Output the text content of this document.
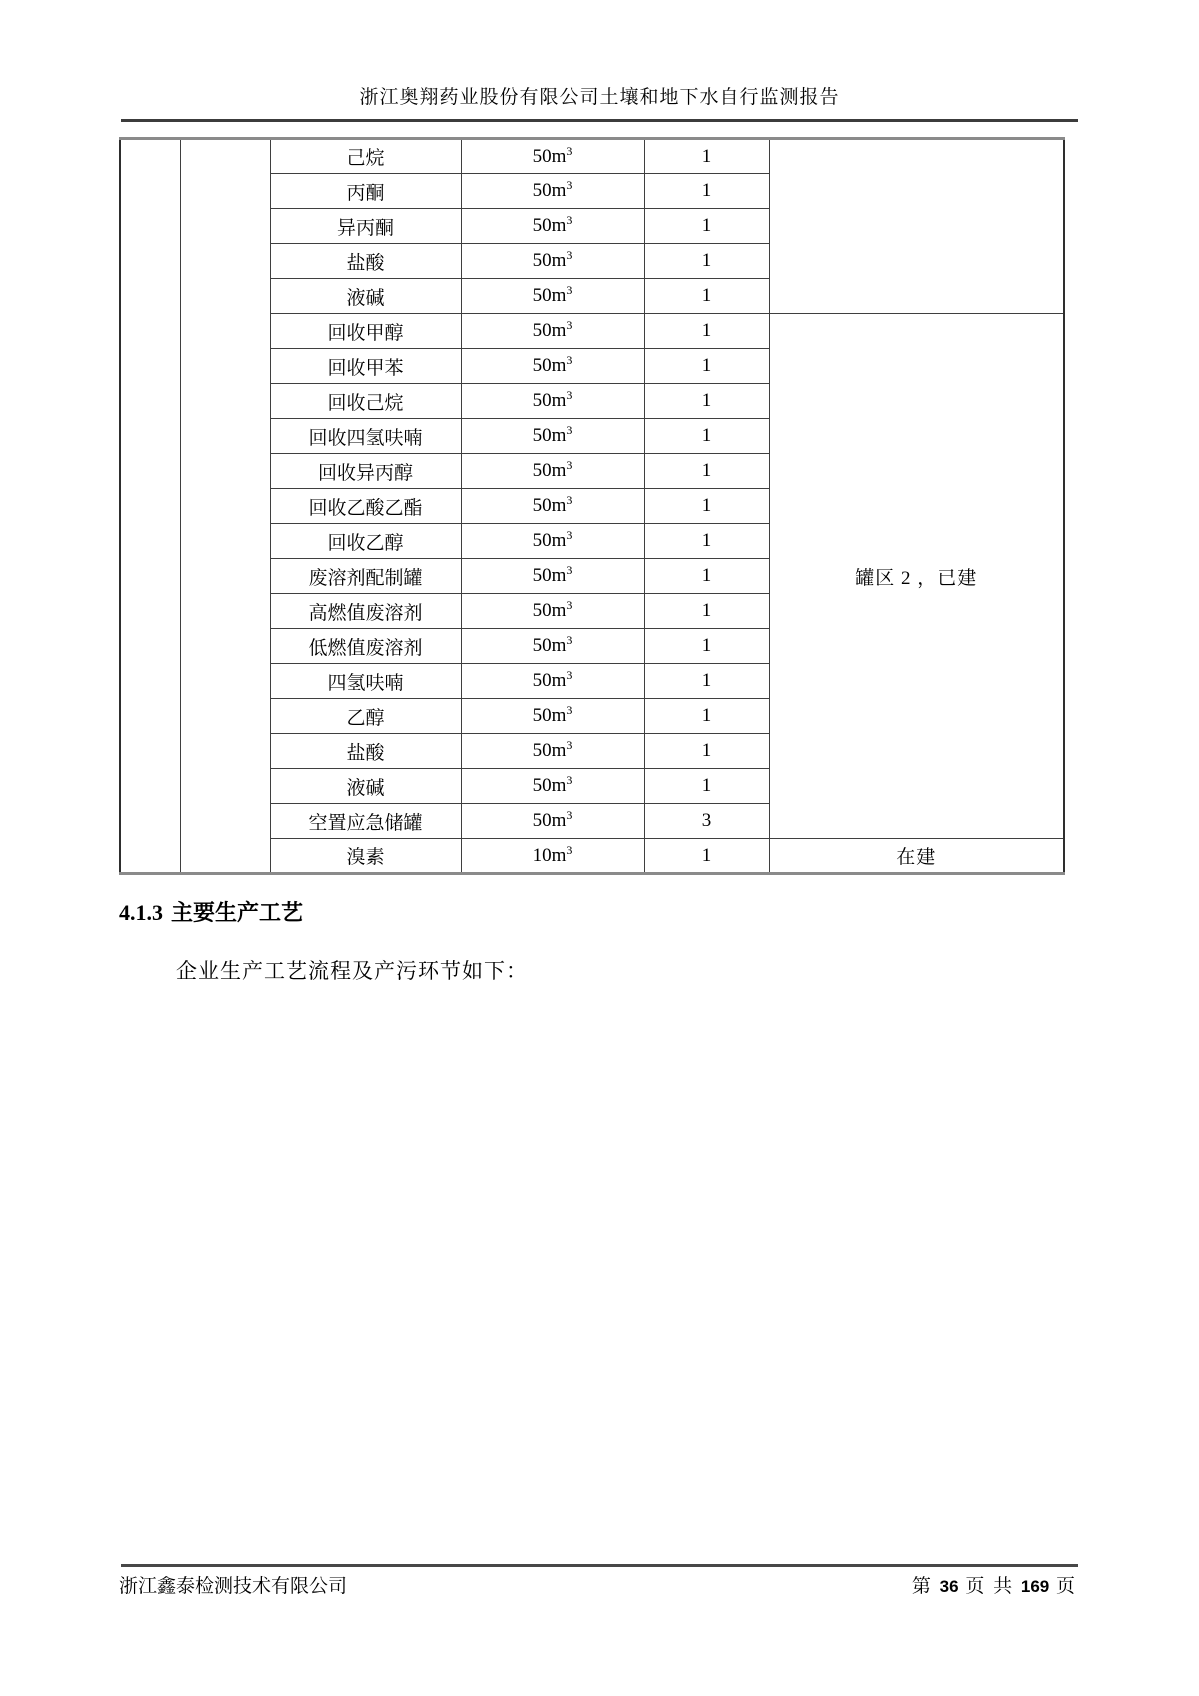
浙江奥翔药业股份有限公司土壤和地下水自行监测报告
		己烷	$50m^3$	1	
		丙酮	$50m^3$	1	
		异丙酮	$50m^3$	1	
		盐酸	$50m^3$	1	
		液碱	$50m^3$	1	
		回收甲醇	$50m^3$	1	罐区 2 ，已建
		回收甲苯	$50m^3$	1	
		回收己烷	$50m^3$	1	
		回收四氢呋喃	$50m^3$	1	
		回收异丙醇	$50m^3$	1	
		回收乙酸乙酯	$50m^3$	1	
		回收乙醇	$50m^3$	1	
		废溶剂配制罐	$50m^3$	1	
		高燃值废溶剂	$50m^3$	1	
		低燃值废溶剂	$50m^3$	1	
		四氢呋喃	$50m^3$	1	
		乙醇	$50m^3$	1	
		盐酸	$50m^3$	1	
		液碱	$50m^3$	1	
		空置应急储罐	$50m^3$	3	
		溴素	$10m^3$	1	在建
4.1.3 主要生产工艺
企业生产工艺流程及产污环节如下：
浙江鑫泰检测技术有限公司	第 36 页 共 169 页
